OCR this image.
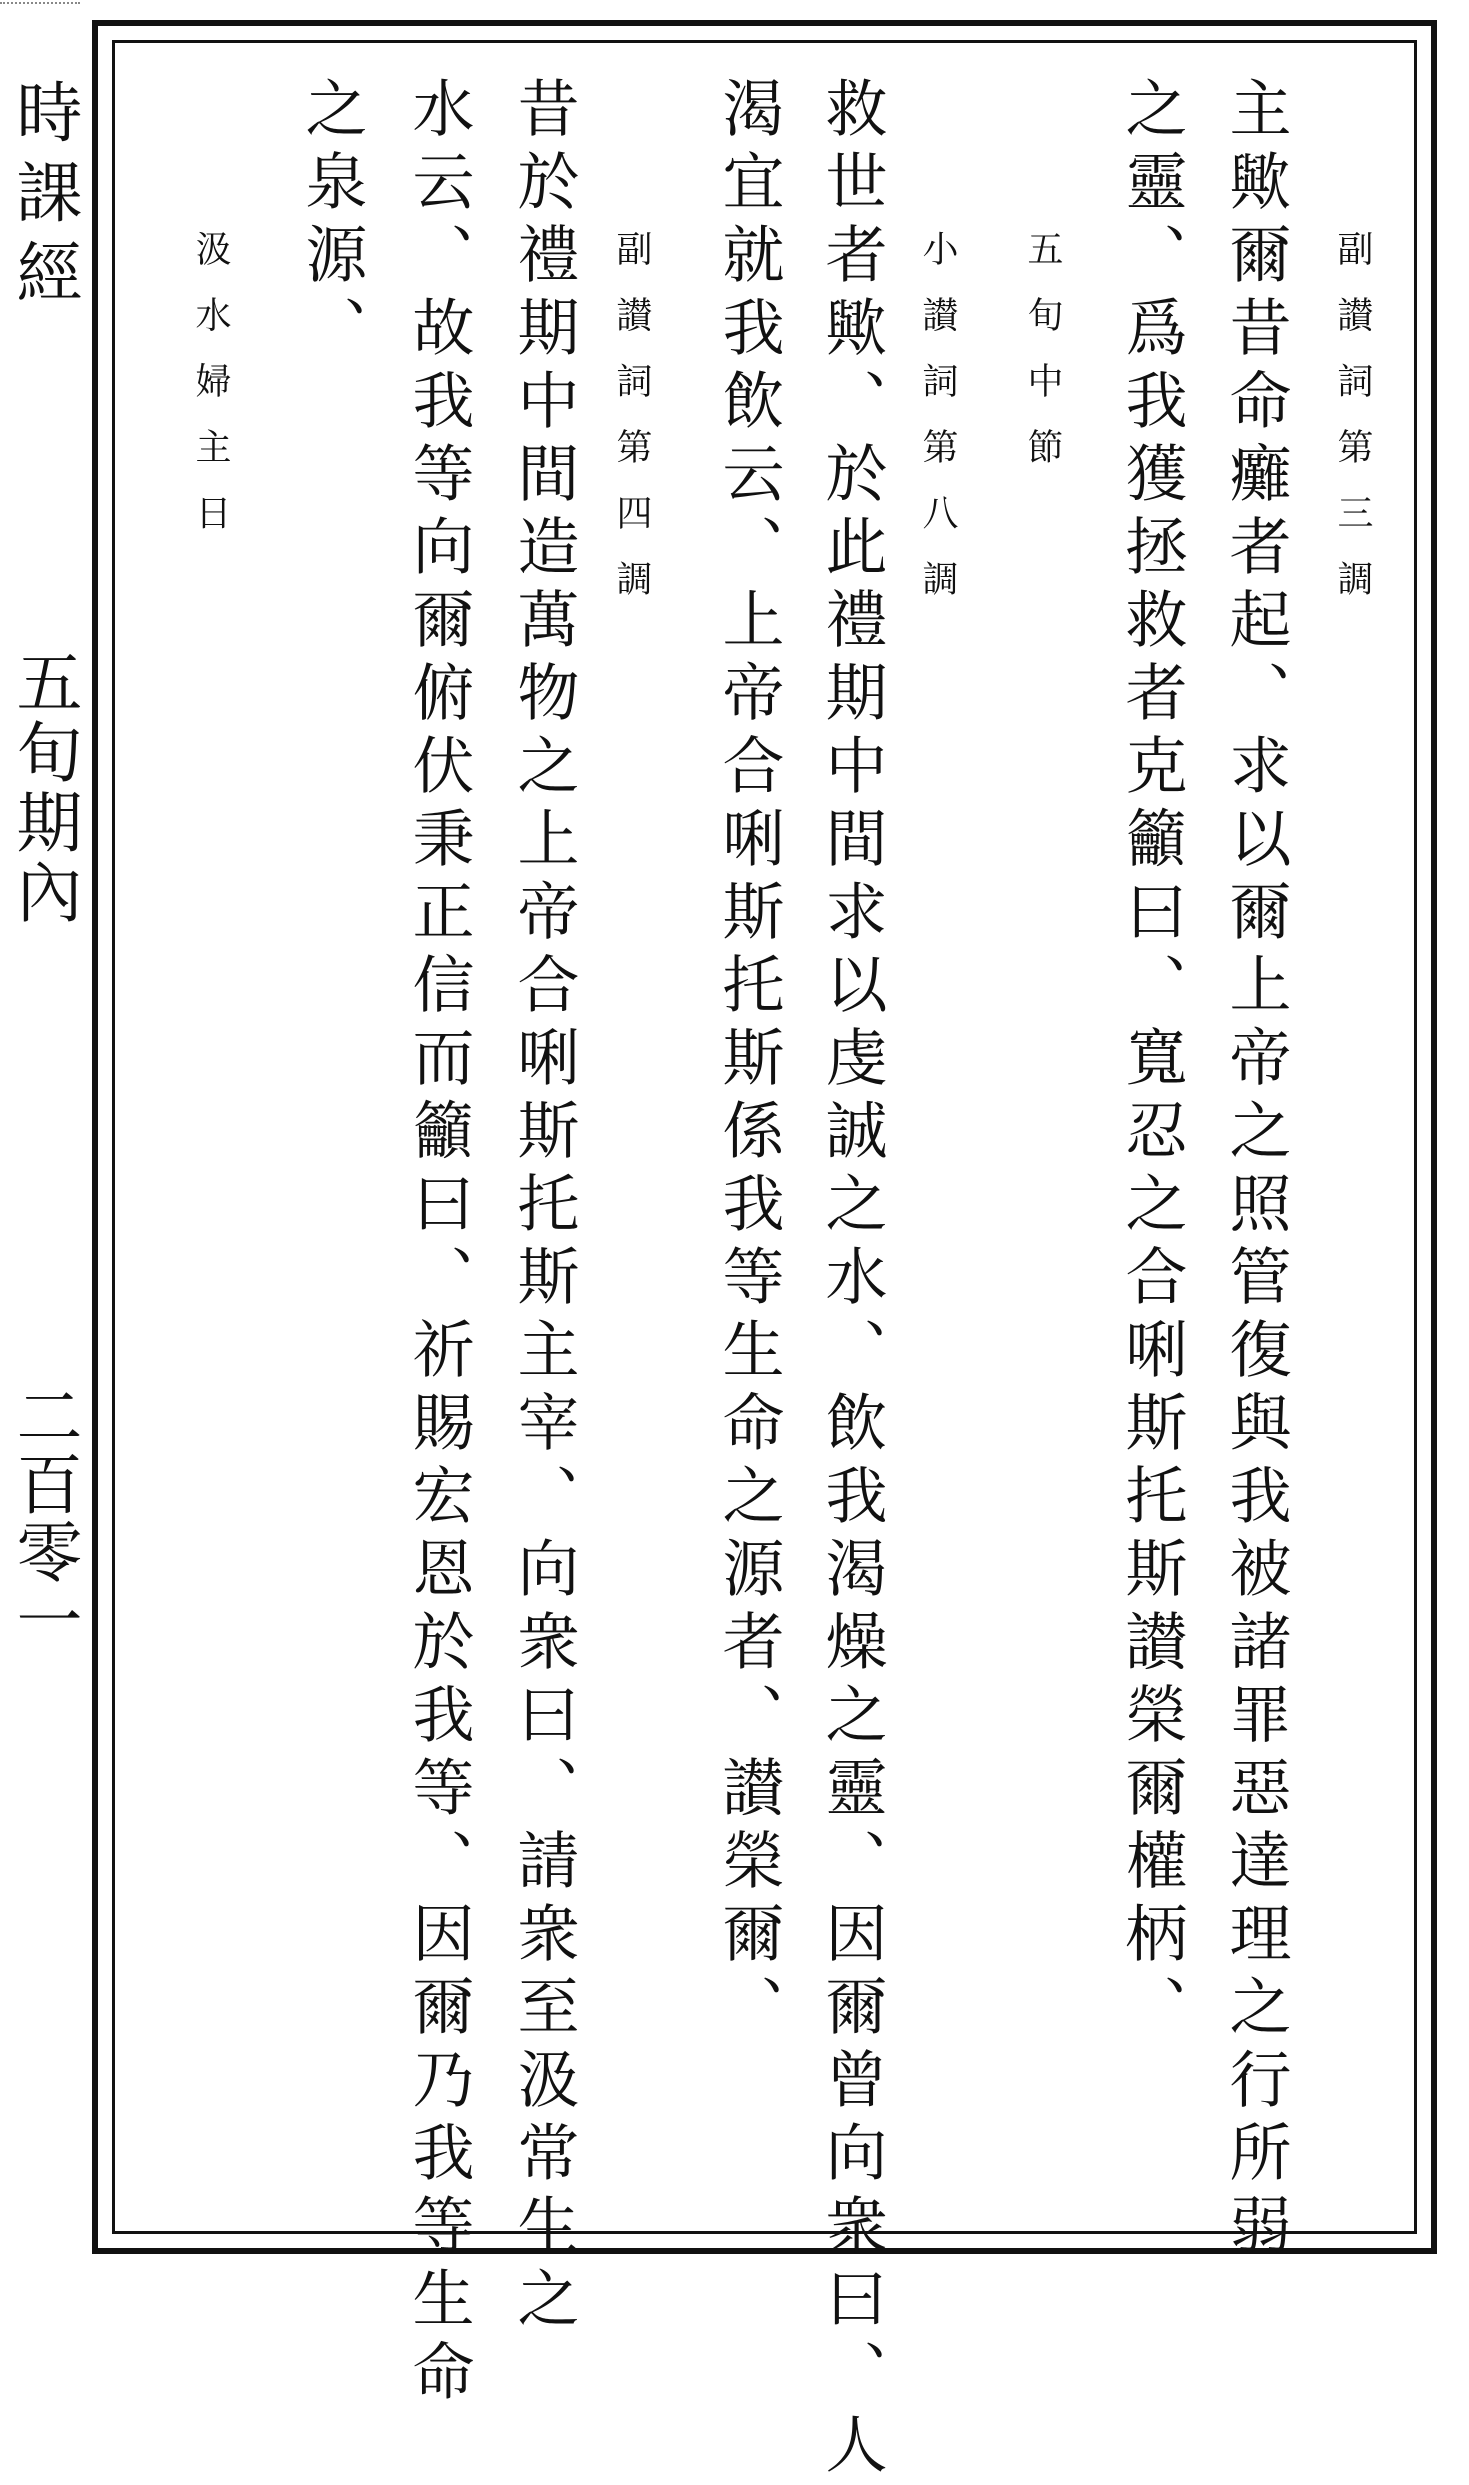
時課經
五旬期內
二百零一
副讃詞第三調
主歟爾昔命癱者起、求以爾上帝之照管復與我被諸罪惡達理之行所弱
之靈、爲我獲拯救者克籲曰、寬忍之合唎斯托斯讃榮爾權柄、
五旬中節
小讃詞第八調
救世者歟、於此禮期中間求以虔誠之水、飲我渴燥之靈、因爾曾向衆曰、人
渴宜就我飲云、上帝合唎斯托斯係我等生命之源者、讃榮爾、
副讃詞第四調
昔於禮期中間造萬物之上帝合唎斯托斯主宰、向衆曰、請衆至汲常生之
水云、故我等向爾俯伏秉正信而籲曰、祈賜宏恩於我等、因爾乃我等生命
之泉源、
汲水婦主日
